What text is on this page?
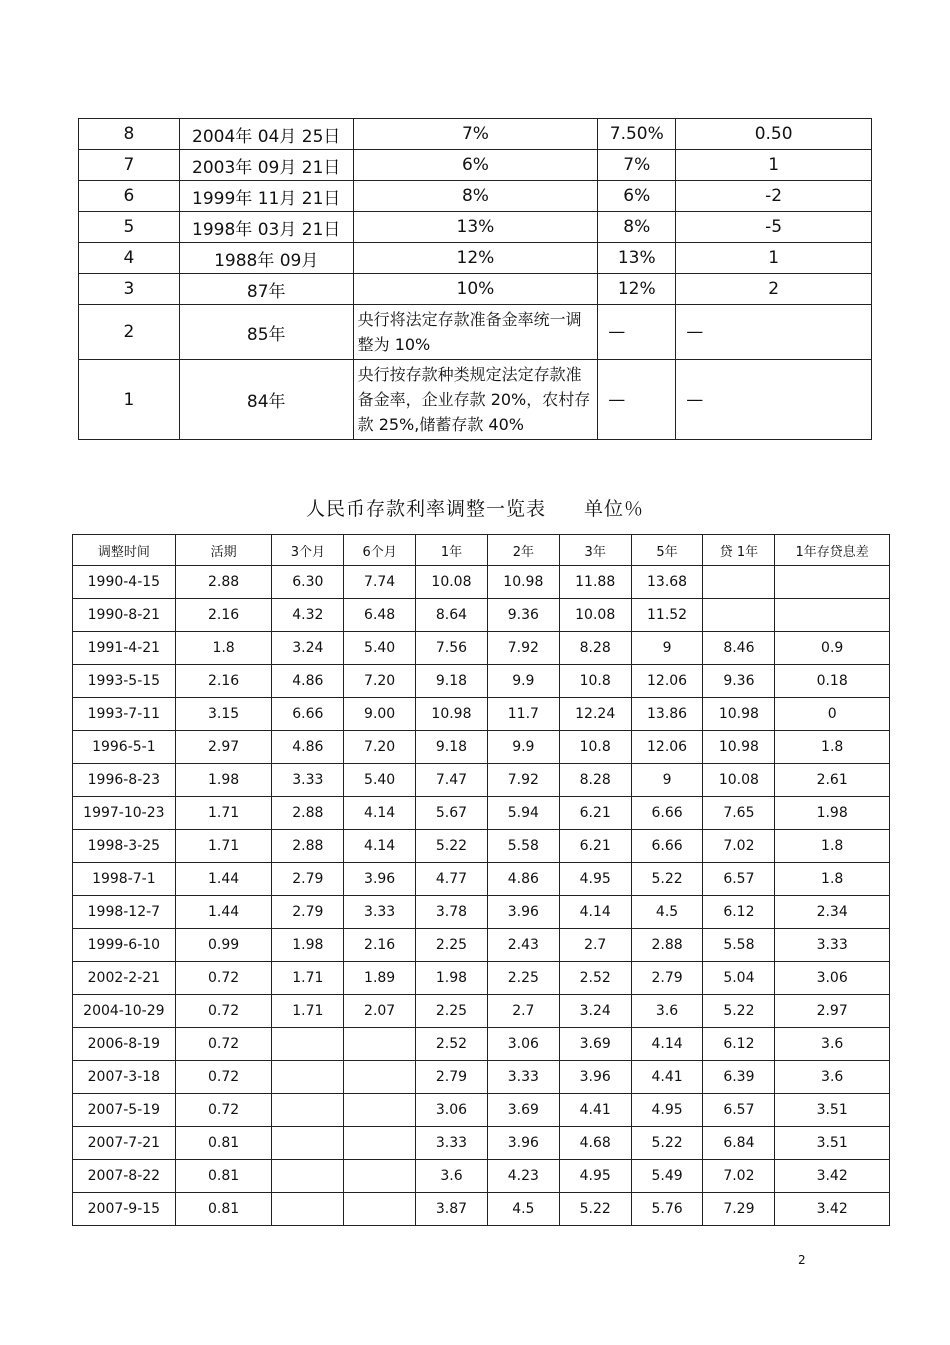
8	2004年 04月 25日	7%	7.50%	0.50
7	2003年 09月 21日	6%	7%	1
6	1999年 11月 21日	8%	6%	-2
5	1998年 03月 21日	13%	8%	-5
4	1988年 09月	12%	13%	1
3	87年	10%	12%	2
2	85年	央行将法定存款准备金率统一调整为 10%	—	—
1	84年	央行按存款种类规定法定存款准备金率，企业存款 20%，农村存款 25%,储蓄存款 40%	—	—
人民币存款利率调整一览表 单位％
调整时间	活期	3个月	6个月	1年	2年	3年	5年	贷 1年	1年存贷息差
1990-4-15	2.88	6.30	7.74	10.08	10.98	11.88	13.68		
1990-8-21	2.16	4.32	6.48	8.64	9.36	10.08	11.52		
1991-4-21	1.8	3.24	5.40	7.56	7.92	8.28	9	8.46	0.9
1993-5-15	2.16	4.86	7.20	9.18	9.9	10.8	12.06	9.36	0.18
1993-7-11	3.15	6.66	9.00	10.98	11.7	12.24	13.86	10.98	0
1996-5-1	2.97	4.86	7.20	9.18	9.9	10.8	12.06	10.98	1.8
1996-8-23	1.98	3.33	5.40	7.47	7.92	8.28	9	10.08	2.61
1997-10-23	1.71	2.88	4.14	5.67	5.94	6.21	6.66	7.65	1.98
1998-3-25	1.71	2.88	4.14	5.22	5.58	6.21	6.66	7.02	1.8
1998-7-1	1.44	2.79	3.96	4.77	4.86	4.95	5.22	6.57	1.8
1998-12-7	1.44	2.79	3.33	3.78	3.96	4.14	4.5	6.12	2.34
1999-6-10	0.99	1.98	2.16	2.25	2.43	2.7	2.88	5.58	3.33
2002-2-21	0.72	1.71	1.89	1.98	2.25	2.52	2.79	5.04	3.06
2004-10-29	0.72	1.71	2.07	2.25	2.7	3.24	3.6	5.22	2.97
2006-8-19	0.72			2.52	3.06	3.69	4.14	6.12	3.6
2007-3-18	0.72			2.79	3.33	3.96	4.41	6.39	3.6
2007-5-19	0.72			3.06	3.69	4.41	4.95	6.57	3.51
2007-7-21	0.81			3.33	3.96	4.68	5.22	6.84	3.51
2007-8-22	0.81			3.6	4.23	4.95	5.49	7.02	3.42
2007-9-15	0.81			3.87	4.5	5.22	5.76	7.29	3.42
2
